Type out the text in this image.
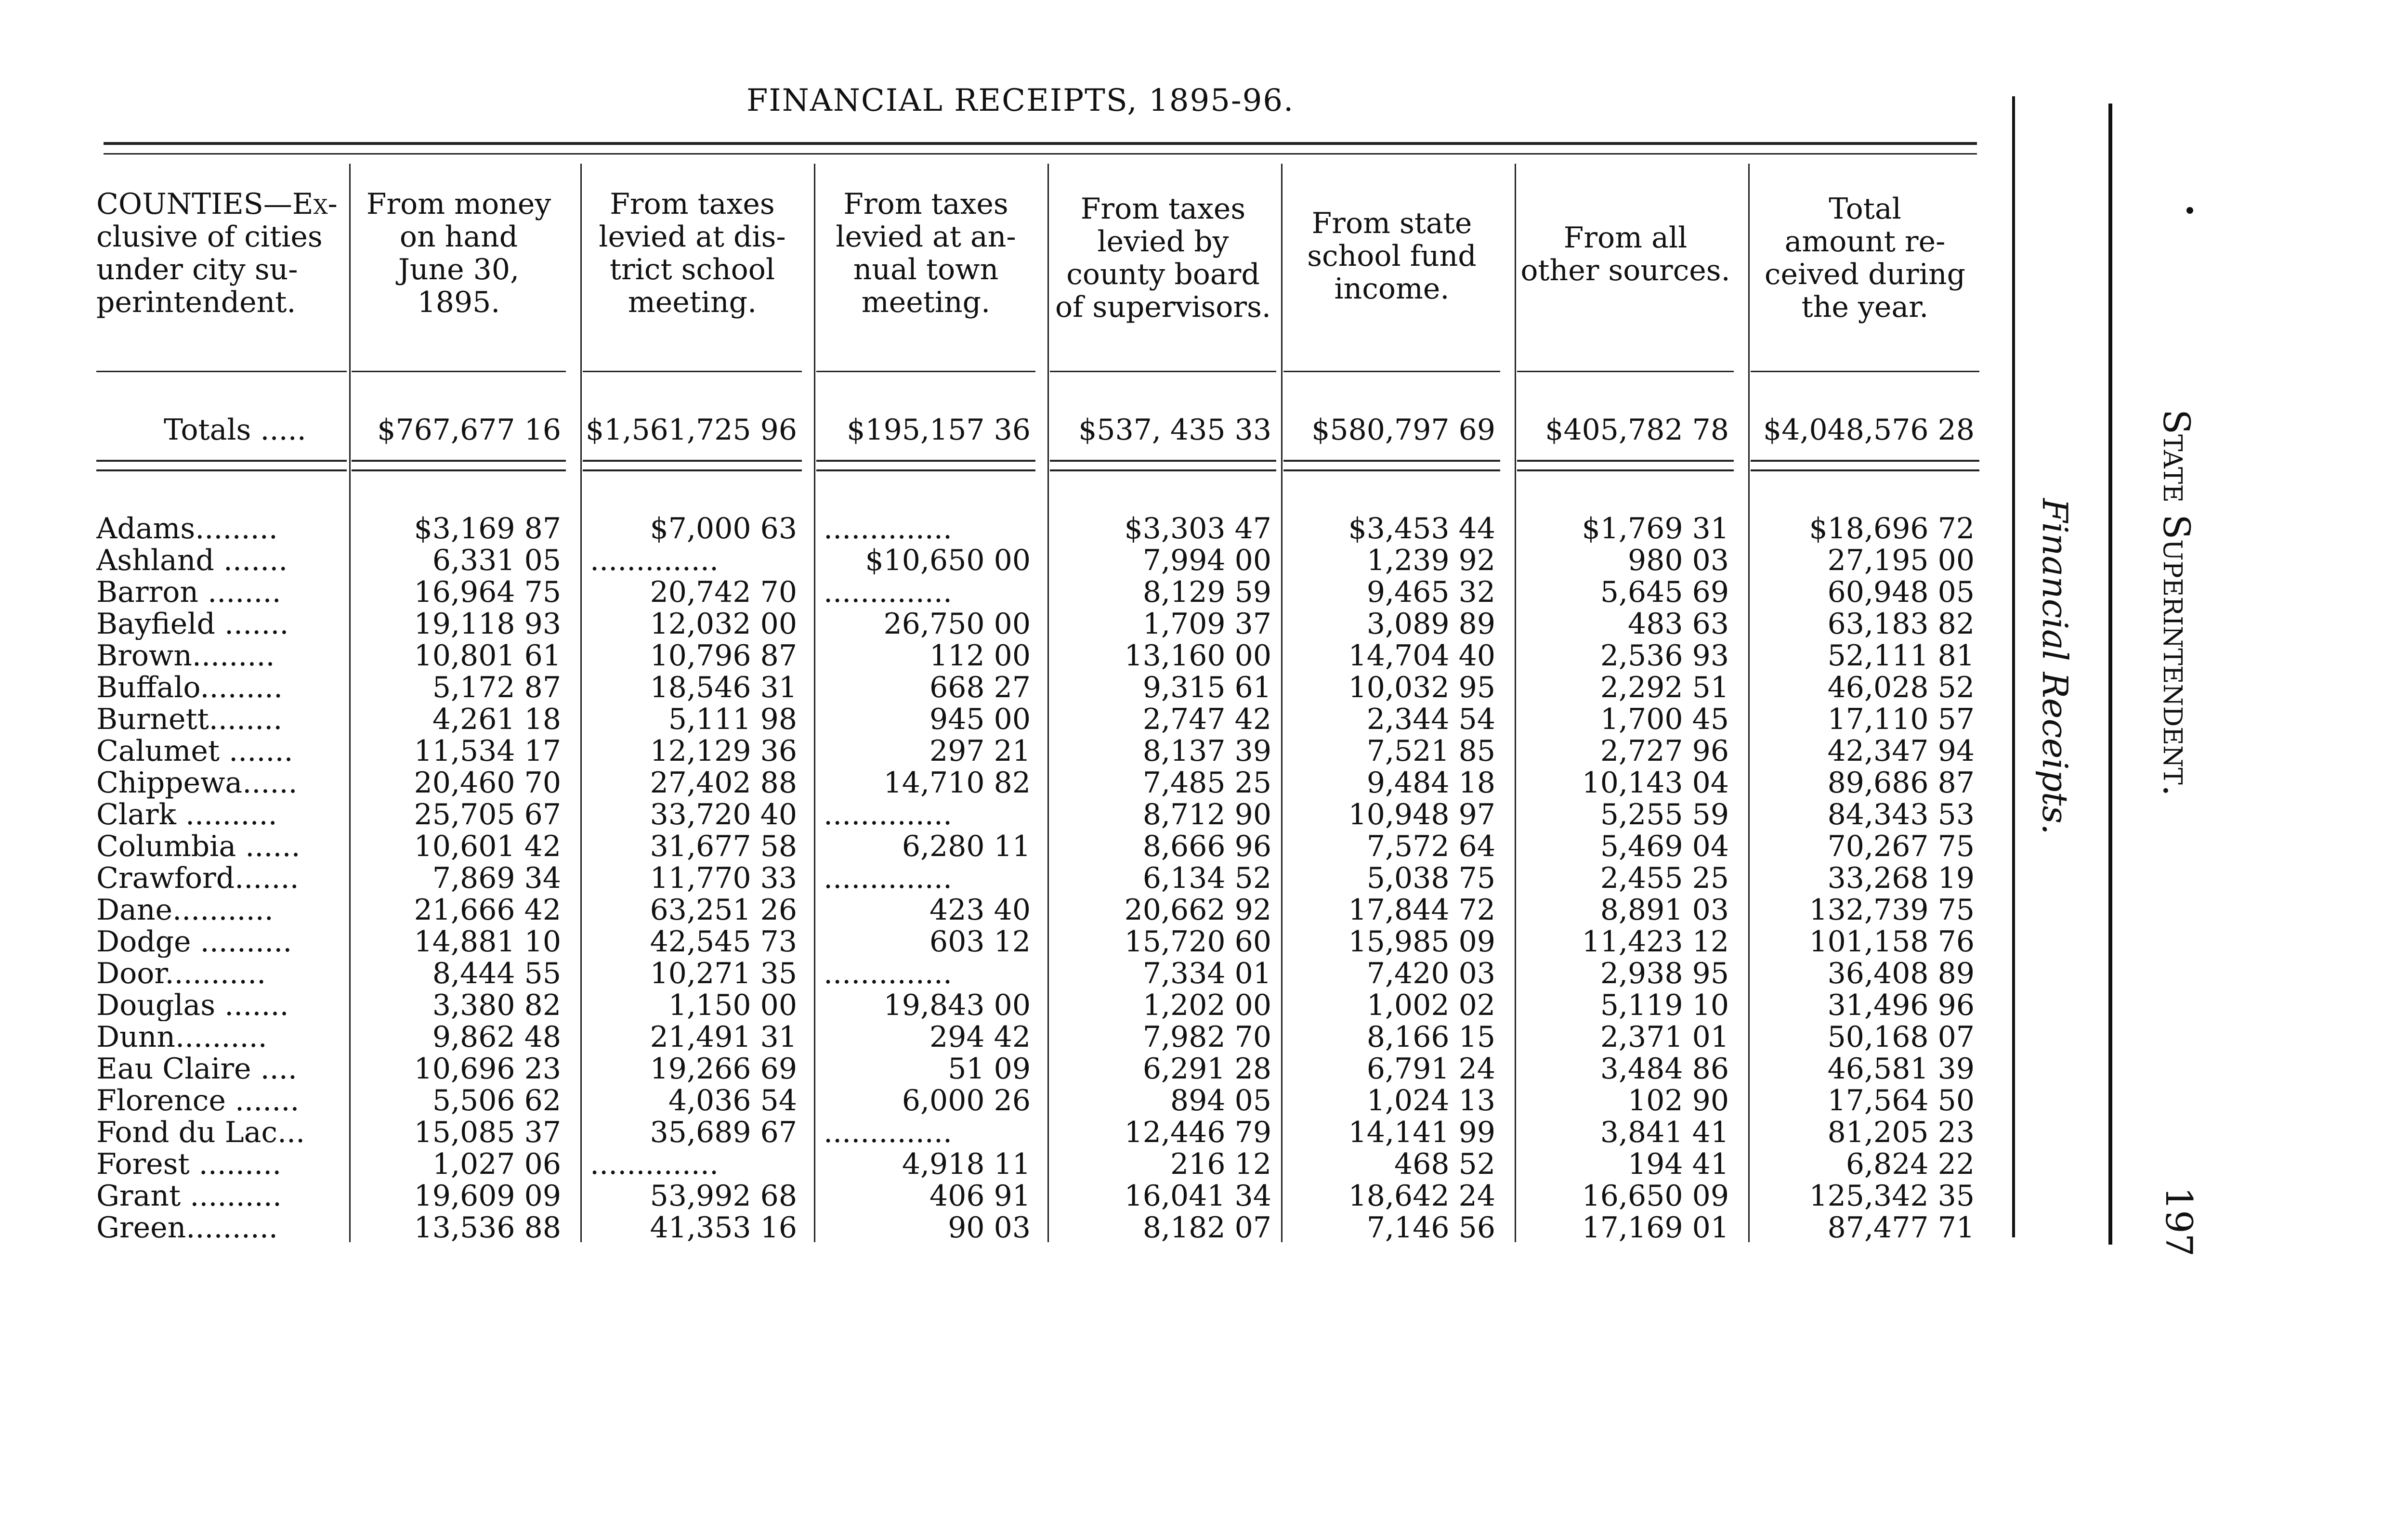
FINANCIAL RECEIPTS, 1895-96.
COUNTIES—Ex-
clusive of cities
under city su-
perintendent.
From money
on hand
June 30,
1895.
From taxes
levied at dis-
trict school
meeting.
From taxes
levied at an-
nual town
meeting.
From taxes
levied by
county board
of supervisors.
From state
school fund
income.
From all
other sources.
Total
amount re-
ceived during
the year.
Totals .....	$767,677 16 $1,561,725 96	$195,157 36	$537, 435 33	$580,797 69	$405,782 78	$4,048,576 28
Adams.........	$3,169 87	$7,000 63 ..............	$3,303 47	$3,453 44	$1,769 31	$18,696 72
Ashland .......	6,331 05 ..............	$10,650 00	7,994 00	1,239 92	980 03	27,195 00
Barron ........	16,964 75	20,742 70 ..............	8,129 59	9,465 32	5,645 69	60,948 05
Bayfield .......	19,118 93	12,032 00	26,750 00	1,709 37	3,089 89	483 63	63,183 82
Brown.........	10,801 61	10,796 87	112 00	13,160 00	14,704 40	2,536 93	52,111 81
Buffalo.........	5,172 87	18,546 31	668 27	9,315 61	10,032 95	2,292 51	46,028 52
Burnett........	4,261 18	5,111 98	945 00	2,747 42	2,344 54	1,700 45	17,110 57
Calumet .......	11,534 17	12,129 36	297 21	8,137 39	7,521 85	2,727 96	42,347 94
Chippewa......	20,460 70	27,402 88	14,710 82	7,485 25	9,484 18	10,143 04	89,686 87
Clark ..........	25,705 67	33,720 40 ..............	8,712 90	10,948 97	5,255 59	84,343 53
Columbia ......	10,601 42	31,677 58	6,280 11	8,666 96	7,572 64	5,469 04	70,267 75
Crawford.......	7,869 34	11,770 33 ..............	6,134 52	5,038 75	2,455 25	33,268 19
Dane...........	21,666 42	63,251 26	423 40	20,662 92	17,844 72	8,891 03	132,739 75
Dodge ..........	14,881 10	42,545 73	603 12	15,720 60	15,985 09	11,423 12	101,158 76
Door...........	8,444 55	10,271 35 ..............	7,334 01	7,420 03	2,938 95	36,408 89
Douglas .......	3,380 82	1,150 00	19,843 00	1,202 00	1,002 02	5,119 10	31,496 96
Dunn..........	9,862 48	21,491 31	294 42	7,982 70	8,166 15	2,371 01	50,168 07
Eau Claire ....	10,696 23	19,266 69	51 09	6,291 28	6,791 24	3,484 86	46,581 39
Florence .......	5,506 62	4,036 54	6,000 26	894 05	1,024 13	102 90	17,564 50
Fond du Lac...	15,085 37	35,689 67 ..............	12,446 79	14,141 99	3,841 41	81,205 23
Forest .........	1,027 06 ..............	4,918 11	216 12	468 52	194 41	6,824 22
Grant ..........	19,609 09	53,992 68	406 91	16,041 34	18,642 24	16,650 09	125,342 35
Green..........	13,536 88	41,353 16	90 03	8,182 07	7,146 56	17,169 01	87,477 71
Financial Receipts. State Superintendent.
197
